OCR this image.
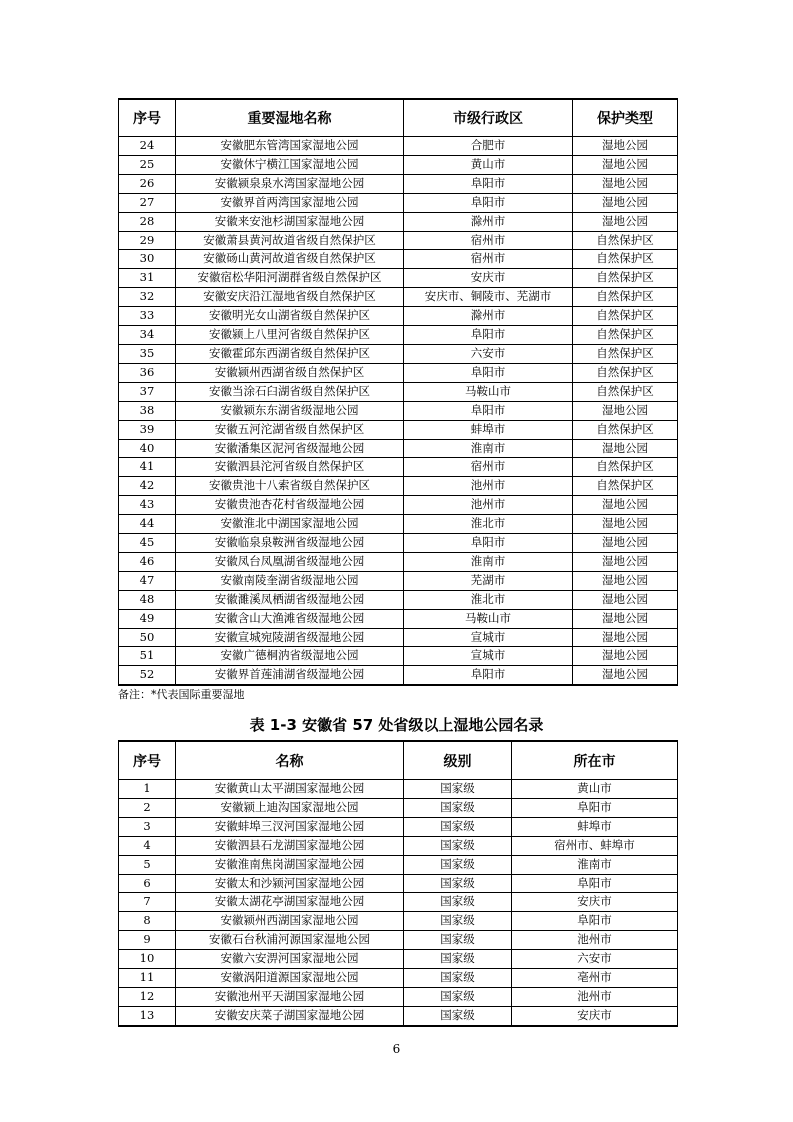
序号	重要湿地名称	市级行政区	保护类型
24	安徽肥东管湾国家湿地公园	合肥市	湿地公园
25	安徽休宁横江国家湿地公园	黄山市	湿地公园
26	安徽颍泉泉水湾国家湿地公园	阜阳市	湿地公园
27	安徽界首两湾国家湿地公园	阜阳市	湿地公园
28	安徽来安池杉湖国家湿地公园	滁州市	湿地公园
29	安徽萧县黄河故道省级自然保护区	宿州市	自然保护区
30	安徽砀山黄河故道省级自然保护区	宿州市	自然保护区
31	安徽宿松华阳河湖群省级自然保护区	安庆市	自然保护区
32	安徽安庆沿江湿地省级自然保护区	安庆市、铜陵市、芜湖市	自然保护区
33	安徽明光女山湖省级自然保护区	滁州市	自然保护区
34	安徽颍上八里河省级自然保护区	阜阳市	自然保护区
35	安徽霍邱东西湖省级自然保护区	六安市	自然保护区
36	安徽颍州西湖省级自然保护区	阜阳市	自然保护区
37	安徽当涂石臼湖省级自然保护区	马鞍山市	自然保护区
38	安徽颍东东湖省级湿地公园	阜阳市	湿地公园
39	安徽五河沱湖省级自然保护区	蚌埠市	自然保护区
40	安徽潘集区泥河省级湿地公园	淮南市	湿地公园
41	安徽泗县沱河省级自然保护区	宿州市	自然保护区
42	安徽贵池十八索省级自然保护区	池州市	自然保护区
43	安徽贵池杏花村省级湿地公园	池州市	湿地公园
44	安徽淮北中湖国家湿地公园	淮北市	湿地公园
45	安徽临泉泉鞍洲省级湿地公园	阜阳市	湿地公园
46	安徽凤台凤凰湖省级湿地公园	淮南市	湿地公园
47	安徽南陵奎湖省级湿地公园	芜湖市	湿地公园
48	安徽濉溪凤栖湖省级湿地公园	淮北市	湿地公园
49	安徽含山大渔滩省级湿地公园	马鞍山市	湿地公园
50	安徽宣城宛陵湖省级湿地公园	宣城市	湿地公园
51	安徽广德桐汭省级湿地公园	宣城市	湿地公园
52	安徽界首莲浦湖省级湿地公园	阜阳市	湿地公园
备注：*代表国际重要湿地
表 1-3 安徽省 57 处省级以上湿地公园名录
序号	名称	级别	所在市
1	安徽黄山太平湖国家湿地公园	国家级	黄山市
2	安徽颍上迪沟国家湿地公园	国家级	阜阳市
3	安徽蚌埠三汊河国家湿地公园	国家级	蚌埠市
4	安徽泗县石龙湖国家湿地公园	国家级	宿州市、蚌埠市
5	安徽淮南焦岗湖国家湿地公园	国家级	淮南市
6	安徽太和沙颍河国家湿地公园	国家级	阜阳市
7	安徽太湖花亭湖国家湿地公园	国家级	安庆市
8	安徽颍州西湖国家湿地公园	国家级	阜阳市
9	安徽石台秋浦河源国家湿地公园	国家级	池州市
10	安徽六安淠河国家湿地公园	国家级	六安市
11	安徽涡阳道源国家湿地公园	国家级	亳州市
12	安徽池州平天湖国家湿地公园	国家级	池州市
13	安徽安庆菜子湖国家湿地公园	国家级	安庆市
6
